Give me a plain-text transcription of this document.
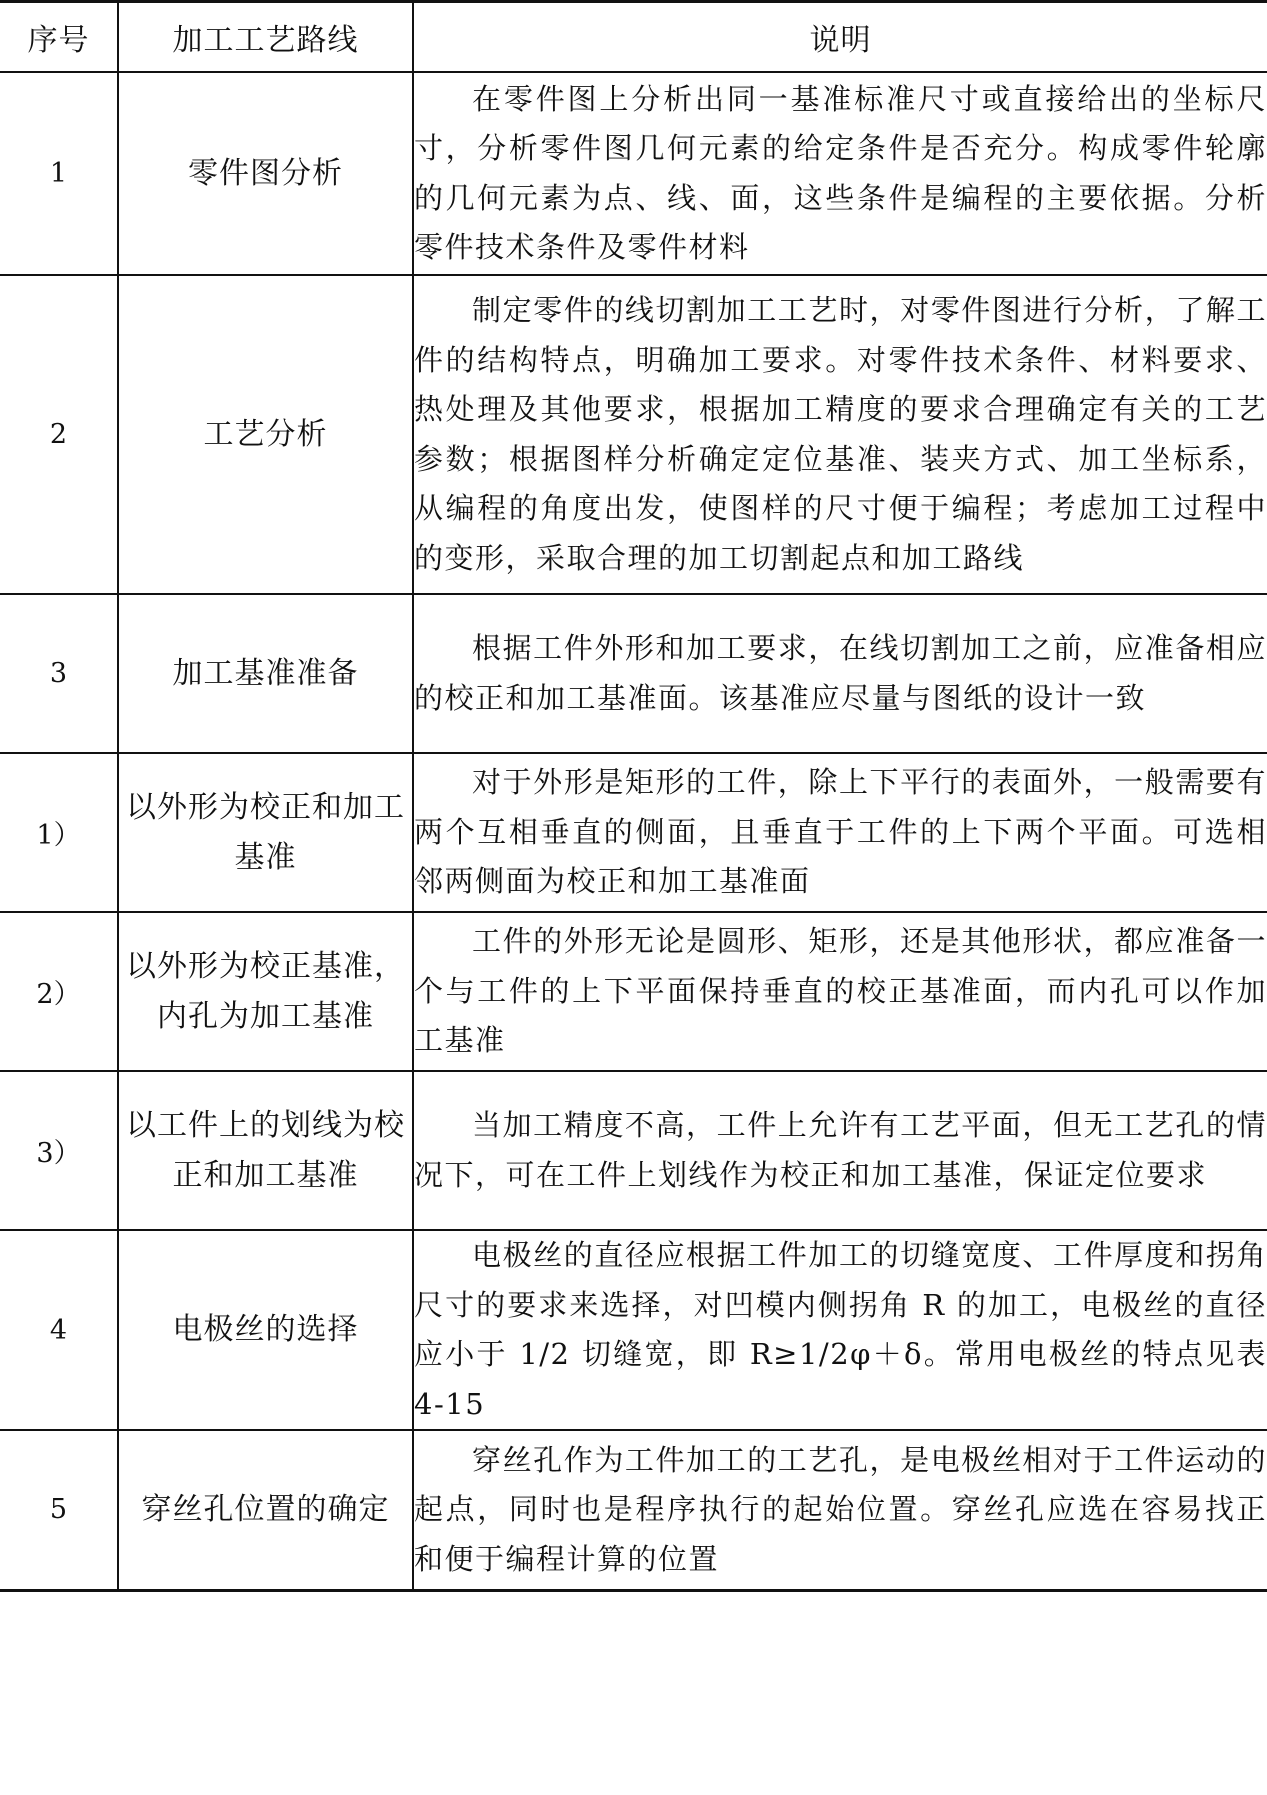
序号	加工工艺路线	说明
1	零件图分析	在零件图上分析出同一基准标准尺寸或直接给出的坐标尺寸，分析零件图几何元素的给定条件是否充分。构成零件轮廓的几何元素为点、线、面，这些条件是编程的主要依据。分析零件技术条件及零件材料
2	工艺分析	制定零件的线切割加工工艺时，对零件图进行分析，了解工件的结构特点，明确加工要求。对零件技术条件、材料要求、热处理及其他要求，根据加工精度的要求合理确定有关的工艺参数；根据图样分析确定定位基准、装夹方式、加工坐标系，从编程的角度出发，使图样的尺寸便于编程；考虑加工过程中的变形，采取合理的加工切割起点和加工路线
3	加工基准准备	根据工件外形和加工要求，在线切割加工之前，应准备相应的校正和加工基准面。该基准应尽量与图纸的设计一致
1）	以外形为校正和加工基准	对于外形是矩形的工件，除上下平行的表面外，一般需要有两个互相垂直的侧面，且垂直于工件的上下两个平面。可选相邻两侧面为校正和加工基准面
2）	以外形为校正基准，内孔为加工基准	工件的外形无论是圆形、矩形，还是其他形状，都应准备一个与工件的上下平面保持垂直的校正基准面，而内孔可以作加工基准
3）	以工件上的划线为校正和加工基准	当加工精度不高，工件上允许有工艺平面，但无工艺孔的情况下，可在工件上划线作为校正和加工基准，保证定位要求
4	电极丝的选择	电极丝的直径应根据工件加工的切缝宽度、工件厚度和拐角尺寸的要求来选择，对凹模内侧拐角 R 的加工，电极丝的直径应小于 1/2 切缝宽，即 R≥1/2φ＋δ。常用电极丝的特点见表 4-15
5	穿丝孔位置的确定	穿丝孔作为工件加工的工艺孔，是电极丝相对于工件运动的起点，同时也是程序执行的起始位置。穿丝孔应选在容易找正和便于编程计算的位置
